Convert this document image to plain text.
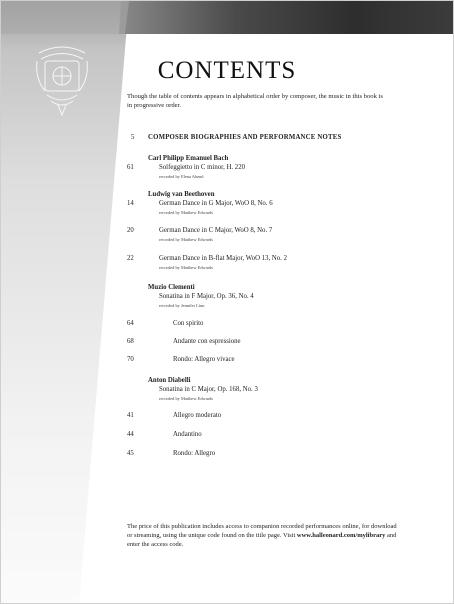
CONTENTS
Though the table of contents appears in alphabetical order by composer, the music in this book is in progressive order.
5 COMPOSER BIOGRAPHIES AND PERFORMANCE NOTES
Carl Philipp Emanuel Bach
61	Solfeggietto in C minor, H. 220
recorded by Elena Abend
Ludwig van Beethoven
14	German Dance in G Major, WoO 8, No. 6
recorded by Matthew Edwards
20	German Dance in C Major, WoO 8, No. 7
recorded by Matthew Edwards
22	German Dance in B-flat Major, WoO 13, No. 2
recorded by Matthew Edwards
Muzio Clementi
Sonatina in F Major, Op. 36, No. 4
recorded by Jennifer Linn
64	Con spirito
68	Andante con espressione
70	Rondo: Allegro vivace
Anton Diabelli
Sonatina in C Major, Op. 168, No. 3
recorded by Matthew Edwards
41	Allegro moderato
44	Andantino
45	Rondo: Allegro
The price of this publication includes access to companion recorded performances online, for download or streaming, using the unique code found on the title page. Visit www.halleonard.com/mylibrary and enter the access code.
